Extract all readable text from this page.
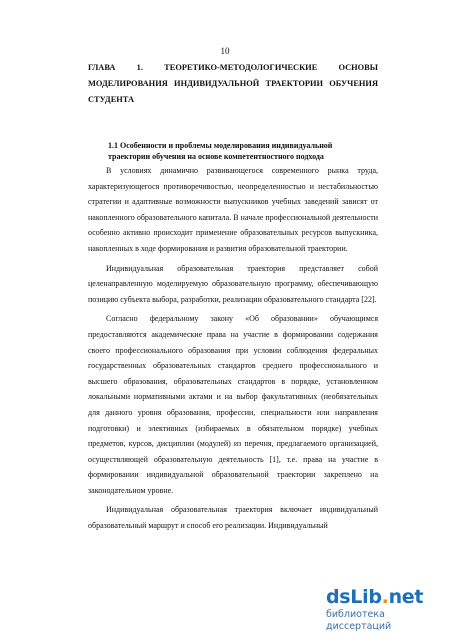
10
ГЛАВА 1. ТЕОРЕТИКО-МЕТОДОЛОГИЧЕСКИЕ ОСНОВЫ
МОДЕЛИРОВАНИЯ ИНДИВИДУАЛЬНОЙ ТРАЕКТОРИИ ОБУЧЕНИЯ
СТУДЕНТА
1.1 Особенности и проблемы моделирования индивидуальной траектории обучения на основе компетентностного подхода

В условиях динамично развивающегося современного рынка труда, характеризующегося противоречивостью, неопределенностью и нестабильностью стратегии и адаптивные возможности выпускников учебных заведений зависят от накопленного образовательного капитала. В начале профессиональной деятельности особенно активно происходит применение образовательных ресурсов выпускника, накопленных в ходе формирования и развития образовательной траектории.

Индивидуальная образовательная траектория представляет собой целенаправленную моделируемую образовательную программу, обеспечивающую позицию субъекта выбора, разработки, реализации образовательного стандарта [22].

Согласно федеральному закону «Об образовании» обучающимся предоставляются академические права на участие в формировании содержания своего профессионального образования при условии соблюдения федеральных государственных образовательных стандартов среднего профессионального и высшего образования, образовательных стандартов в порядке, установленном локальными нормативными актами и на выбор факультативных (необязательных для данного уровня образования, профессии, специальности или направления подготовки) и элективных (избираемых в обязательном порядке) учебных предметов, курсов, дисциплин (модулей) из перечня, предлагаемого организацией, осуществляющей образовательную деятельность [1], т.е. права на участие в формировании индивидуальной образовательной траектории закреплено на законодательном уровне.

Индивидуальная образовательная траектория включает индивидуальный образовательный маршрут и способ его реализации. Индивидуальный

dsLib.net
библиотека диссертаций
